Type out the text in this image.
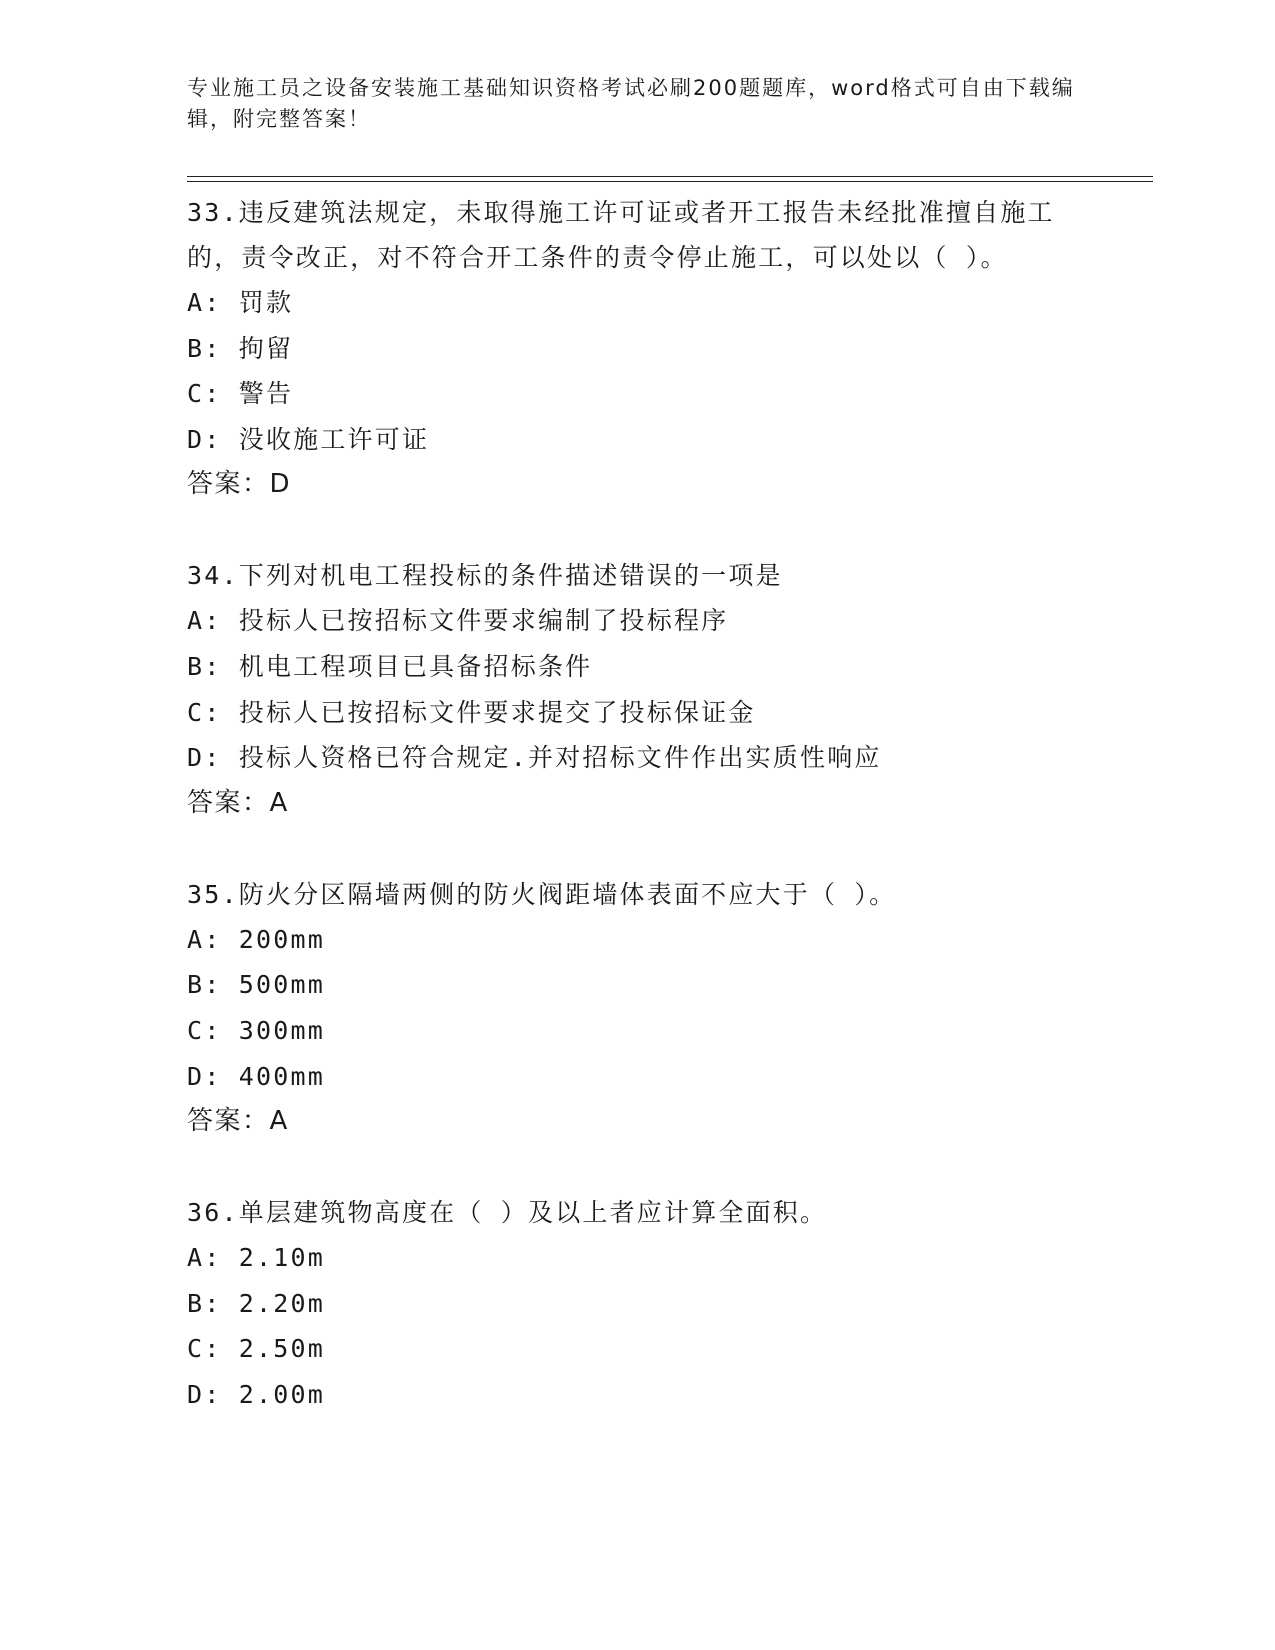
专业施工员之设备安装施工基础知识资格考试必刷200题题库，word格式可自由下载编辑，附完整答案！

33.违反建筑法规定，未取得施工许可证或者开工报告未经批准擅自施工的，责令改正，对不符合开工条件的责令停止施工，可以处以（ ）。

A: 罚款

B: 拘留

C: 警告

D: 没收施工许可证

答案：D

34.下列对机电工程投标的条件描述错误的一项是

A: 投标人已按招标文件要求编制了投标程序

B: 机电工程项目已具备招标条件

C: 投标人已按招标文件要求提交了投标保证金

D: 投标人资格已符合规定.并对招标文件作出实质性响应

答案：A

35.防火分区隔墙两侧的防火阀距墙体表面不应大于（ ）。

A: 200mm

B: 500mm

C: 300mm

D: 400mm

答案：A

36.单层建筑物高度在（ ）及以上者应计算全面积。

A: 2.10m

B: 2.20m

C: 2.50m

D: 2.00m
